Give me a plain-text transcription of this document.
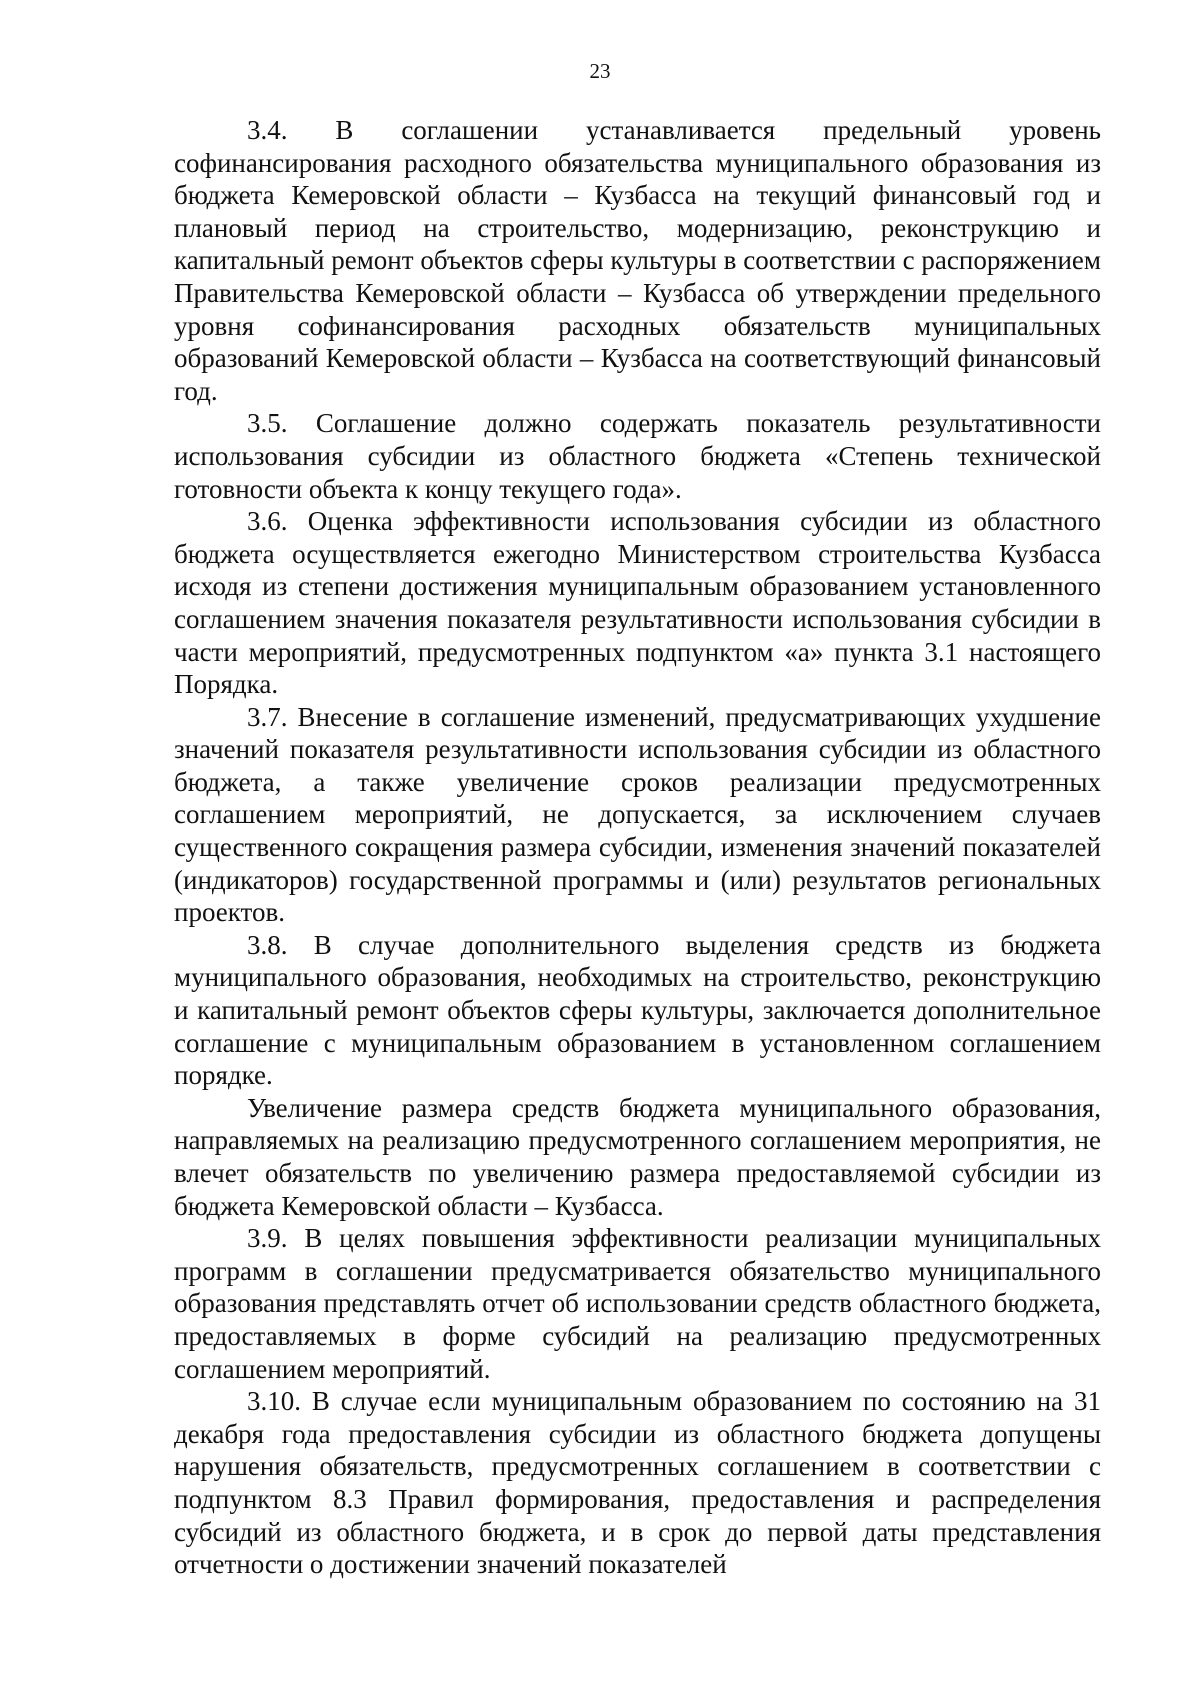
23

3.4. В соглашении устанавливается предельный уровень софинансирования расходного обязательства муниципального образования из бюджета Кемеровской области – Кузбасса на текущий финансовый год и плановый период на строительство, модернизацию, реконструкцию и капитальный ремонт объектов сферы культуры в соответствии с распоряжением Правительства Кемеровской области – Кузбасса об утверждении предельного уровня софинансирования расходных обязательств муниципальных образований Кемеровской области – Кузбасса на соответствующий финансовый год.

3.5. Соглашение должно содержать показатель результативности использования субсидии из областного бюджета «Степень технической готовности объекта к концу текущего года».

3.6. Оценка эффективности использования субсидии из областного бюджета осуществляется ежегодно Министерством строительства Кузбасса исходя из степени достижения муниципальным образованием установленного соглашением значения показателя результативности использования субсидии в части мероприятий, предусмотренных подпунктом «а» пункта 3.1 настоящего Порядка.

3.7. Внесение в соглашение изменений, предусматривающих ухудшение значений показателя результативности использования субсидии из областного бюджета, а также увеличение сроков реализации предусмотренных соглашением мероприятий, не допускается, за исключением случаев существенного сокращения размера субсидии, изменения значений показателей (индикаторов) государственной программы и (или) результатов региональных проектов.

3.8. В случае дополнительного выделения средств из бюджета муниципального образования, необходимых на строительство, реконструкцию и капитальный ремонт объектов сферы культуры, заключается дополнительное соглашение с муниципальным образованием в установленном соглашением порядке.

Увеличение размера средств бюджета муниципального образования, направляемых на реализацию предусмотренного соглашением мероприятия, не влечет обязательств по увеличению размера предоставляемой субсидии из бюджета Кемеровской области – Кузбасса.

3.9. В целях повышения эффективности реализации муниципальных программ в соглашении предусматривается обязательство муниципального образования представлять отчет об использовании средств областного бюджета, предоставляемых в форме субсидий на реализацию предусмотренных соглашением мероприятий.

3.10. В случае если муниципальным образованием по состоянию на 31 декабря года предоставления субсидии из областного бюджета допущены нарушения обязательств, предусмотренных соглашением в соответствии с подпунктом 8.3 Правил формирования, предоставления и распределения субсидий из областного бюджета, и в срок до первой даты представления отчетности о достижении значений показателей
